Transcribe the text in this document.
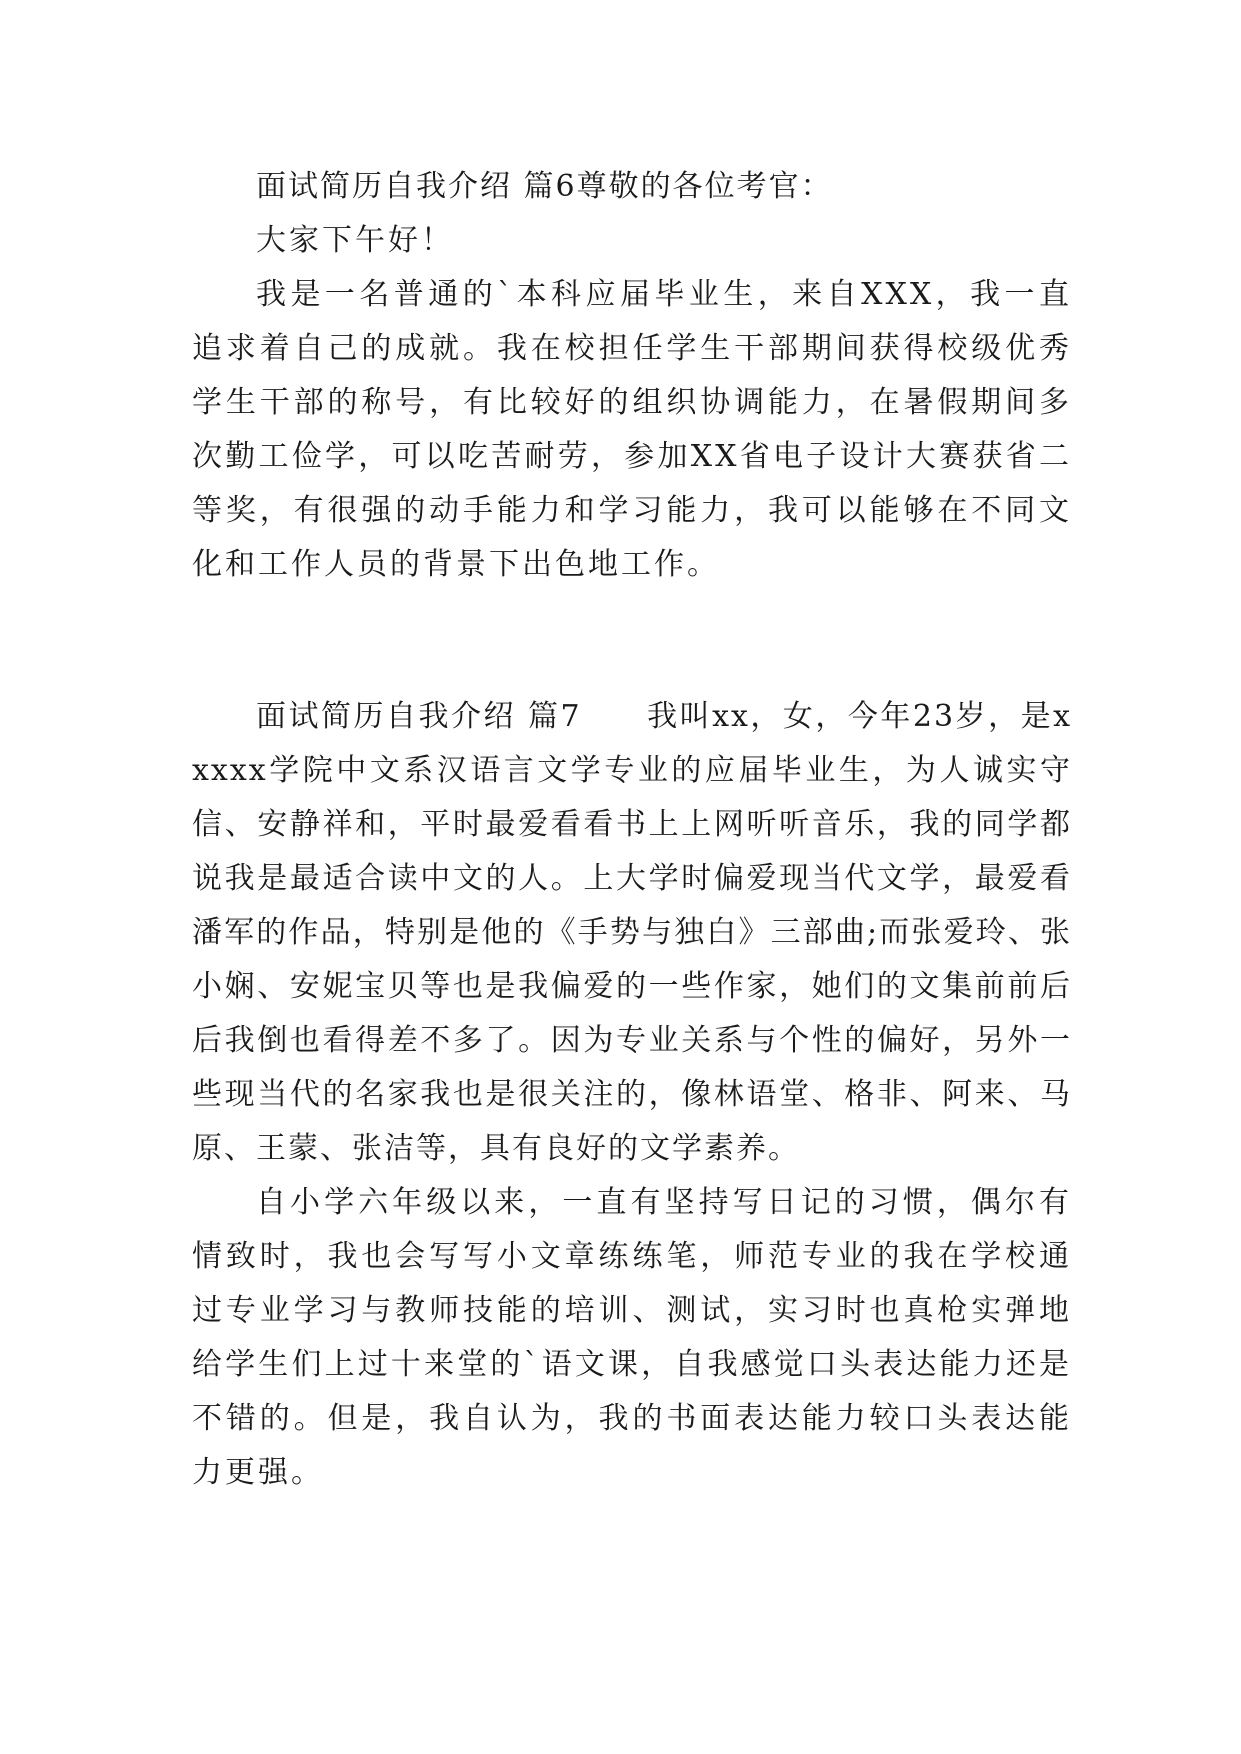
面试简历自我介绍 篇6尊敬的各位考官：

大家下午好！

我是一名普通的`本科应届毕业生，来自XXX，我一直追求着自己的成就。我在校担任学生干部期间获得校级优秀学生干部的称号，有比较好的组织协调能力，在暑假期间多次勤工俭学，可以吃苦耐劳，参加XX省电子设计大赛获省二等奖，有很强的动手能力和学习能力，我可以能够在不同文化和工作人员的背景下出色地工作。

面试简历自我介绍 篇7　　我叫xx，女，今年23岁，是xxxxx学院中文系汉语言文学专业的应届毕业生，为人诚实守信、安静祥和，平时最爱看看书上上网听听音乐，我的同学都说我是最适合读中文的人。上大学时偏爱现当代文学，最爱看潘军的作品，特别是他的《手势与独白》三部曲;而张爱玲、张小娴、安妮宝贝等也是我偏爱的一些作家，她们的文集前前后后我倒也看得差不多了。因为专业关系与个性的偏好，另外一些现当代的名家我也是很关注的，像林语堂、格非、阿来、马原、王蒙、张洁等，具有良好的文学素养。

自小学六年级以来，一直有坚持写日记的习惯，偶尔有情致时，我也会写写小文章练练笔，师范专业的我在学校通过专业学习与教师技能的培训、测试，实习时也真枪实弹地给学生们上过十来堂的`语文课，自我感觉口头表达能力还是不错的。但是，我自认为，我的书面表达能力较口头表达能力更强。
